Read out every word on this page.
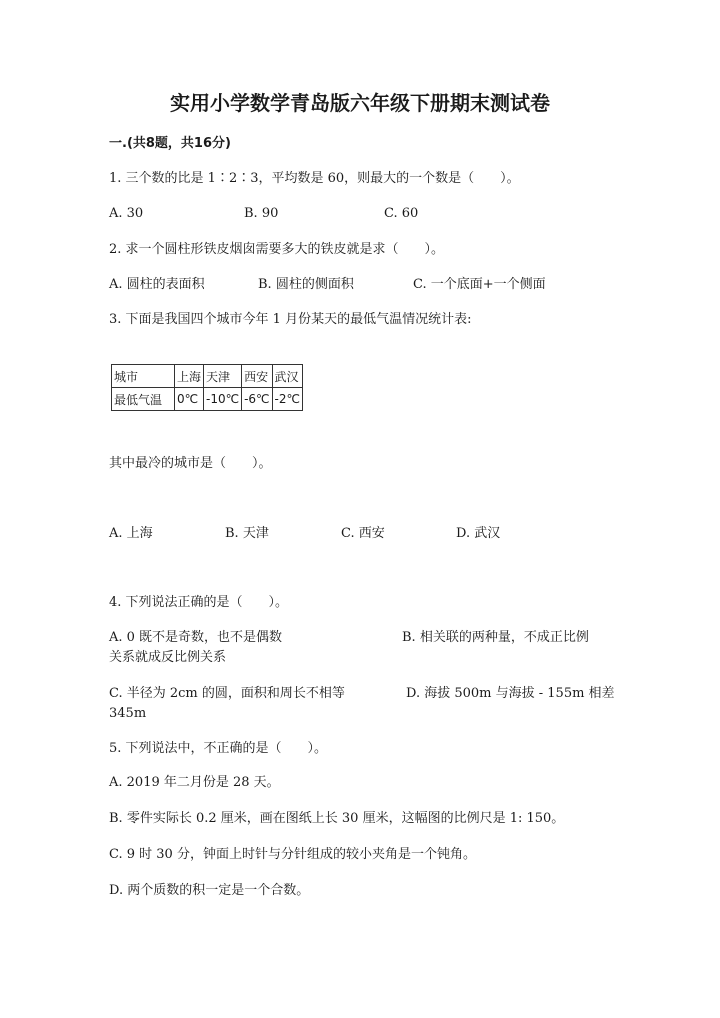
实用小学数学青岛版六年级下册期末测试卷
一.(共8题，共16分)
1. 三个数的比是 1∶2∶3，平均数是 60，则最大的一个数是（　　）。
A. 30	B. 90	C. 60
2. 求一个圆柱形铁皮烟囱需要多大的铁皮就是求（　　）。
A. 圆柱的表面积	B. 圆柱的侧面积	C. 一个底面+一个侧面
3. 下面是我国四个城市今年 1 月份某天的最低气温情况统计表:
城市	上海	天津	西安	武汉
最低气温	0℃	-10℃	-6℃	-2℃
其中最冷的城市是（　　）。
A. 上海	B. 天津	C. 西安	D. 武汉
4. 下列说法正确的是（　　）。
A. 0 既不是奇数，也不是偶数	B. 相关联的两种量，不成正比例
关系就成反比例关系
C. 半径为 2cm 的圆，面积和周长不相等	D. 海拔 500m 与海拔 - 155m 相差
345m
5. 下列说法中，不正确的是（　　）。
A. 2019 年二月份是 28 天。
B. 零件实际长 0.2 厘米，画在图纸上长 30 厘米，这幅图的比例尺是 1: 150。
C. 9 时 30 分，钟面上时针与分针组成的较小夹角是一个钝角。
D. 两个质数的积一定是一个合数。
